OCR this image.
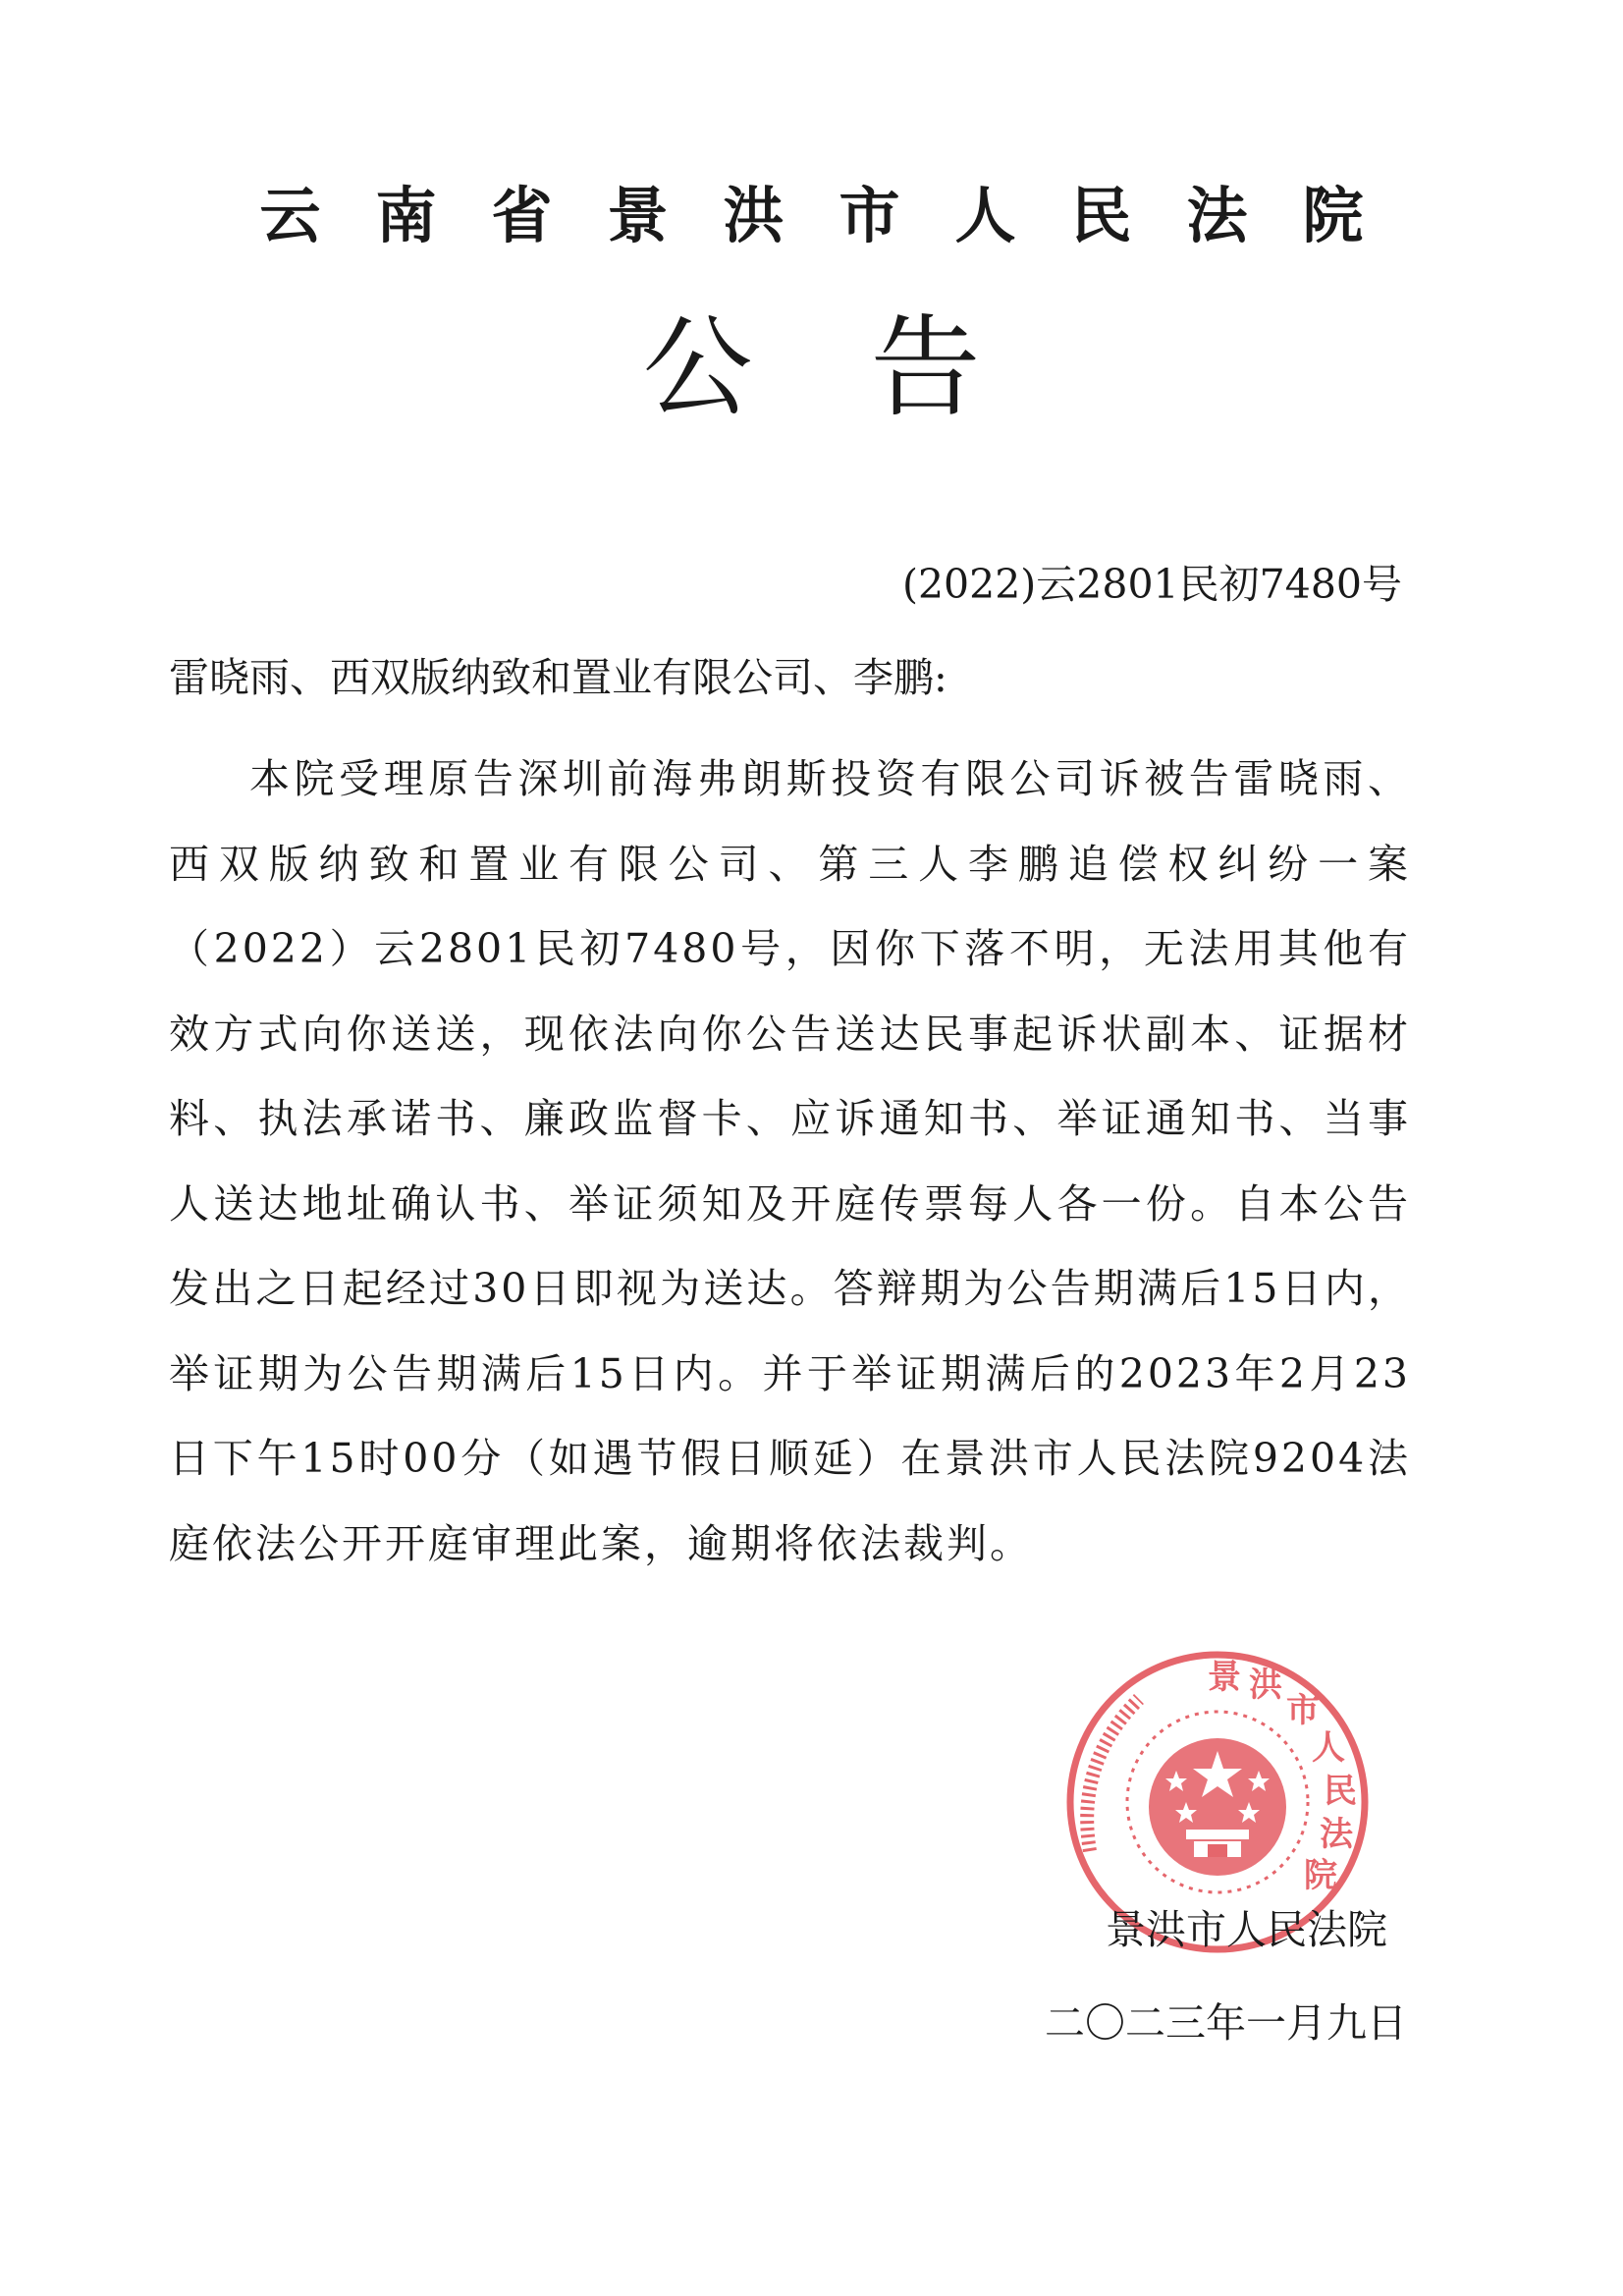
云南省景洪市人民法院
公告
(2022)云2801民初7480号
雷晓雨、西双版纳致和置业有限公司、李鹏:
本院受理原告深圳前海弗朗斯投资有限公司诉被告雷晓雨、西双版纳致和置业有限公司、第三人李鹏追偿权纠纷一案（2022）云2801民初7480号，因你下落不明，无法用其他有效方式向你送送，现依法向你公告送达民事起诉状副本、证据材料、执法承诺书、廉政监督卡、应诉通知书、举证通知书、当事人送达地址确认书、举证须知及开庭传票每人各一份。自本公告发出之日起经过30日即视为送达。答辩期为公告期满后15日内，举证期为公告期满后15日内。并于举证期满后的2023年2月23日下午15时00分（如遇节假日顺延）在景洪市人民法院9204法庭依法公开开庭审理此案，逾期将依法裁判。
景 洪
市
人
民
法
院
景洪市人民法院
二〇二三年一月九日
